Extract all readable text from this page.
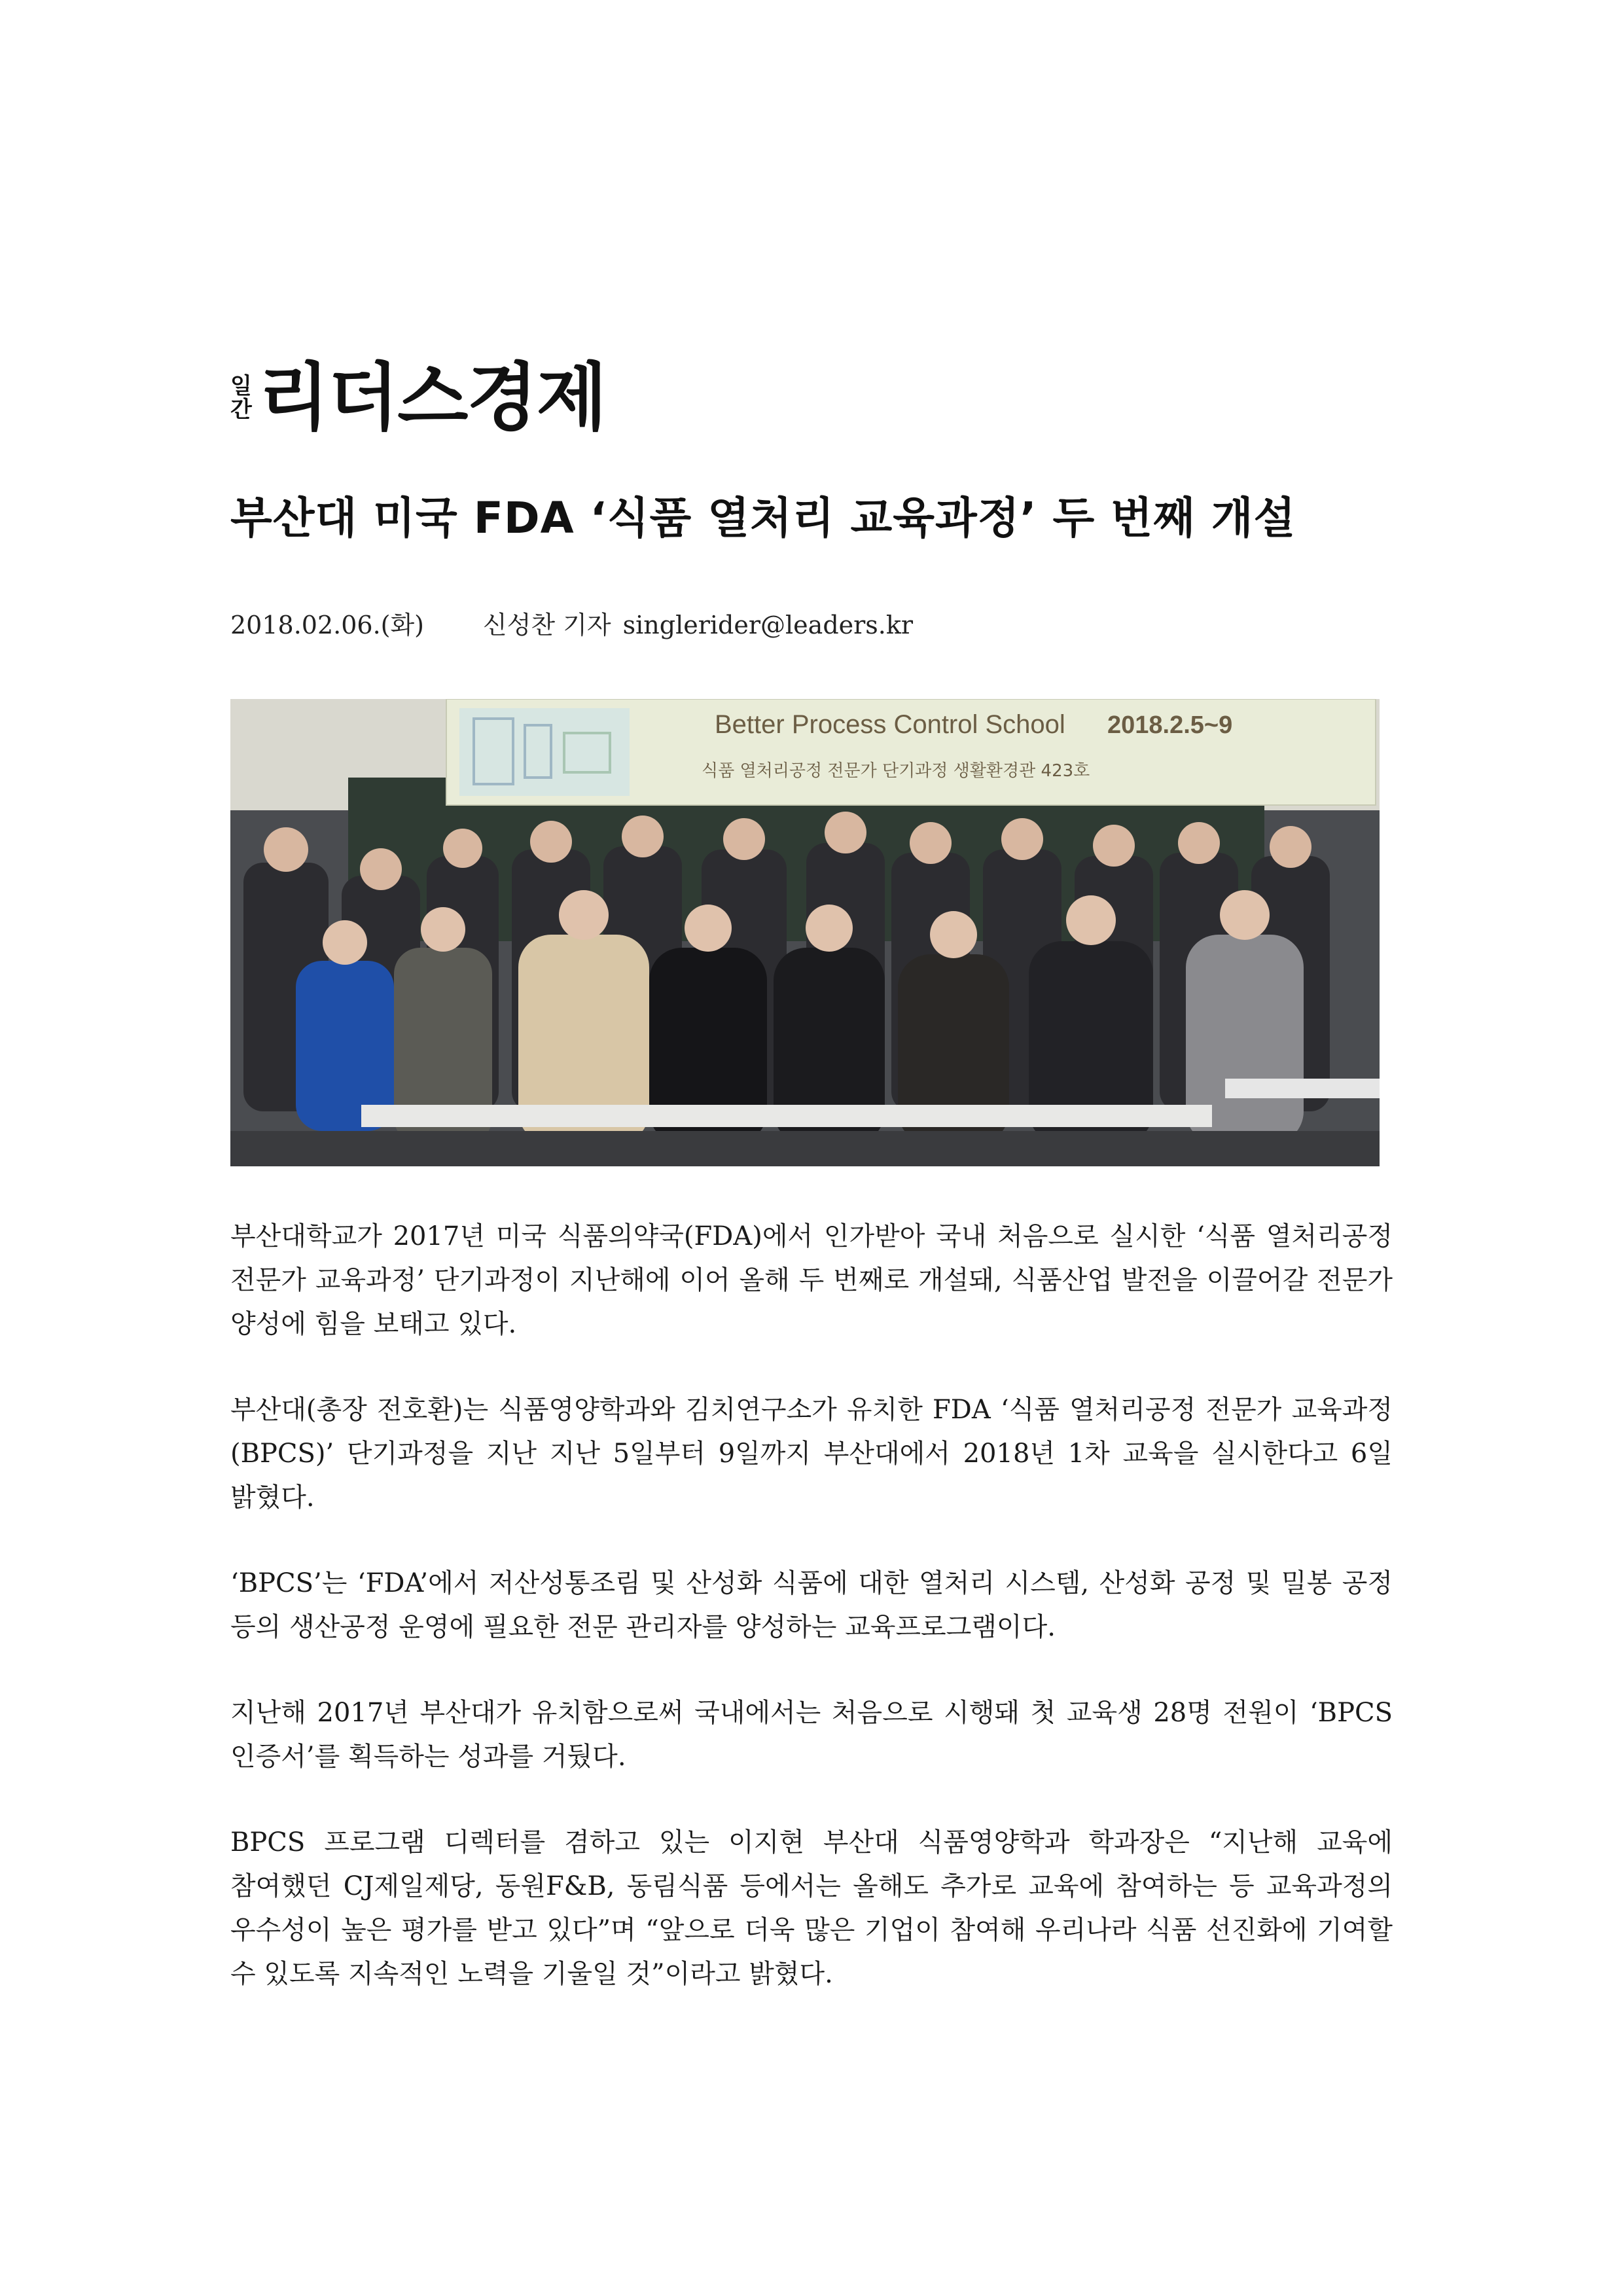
일
간 리더스경제
부산대 미국 FDA ‘식품 열처리 교육과정’ 두 번째 개설
2018.02.06.(화) 신성찬 기자 singlerider@leaders.kr
Better Process Control School 2018.2.5~9
식품 열처리공정 전문가 단기과정 생활환경관 423호

부산대학교가 2017년 미국 식품의약국(FDA)에서 인가받아 국내 처음으로 실시한 ‘식품 열처리공정 전문가 교육과정’ 단기과정이 지난해에 이어 올해 두 번째로 개설돼, 식품산업 발전을 이끌어갈 전문가 양성에 힘을 보태고 있다.

부산대(총장 전호환)는 식품영양학과와 김치연구소가 유치한 FDA ‘식품 열처리공정 전문가 교육과정(BPCS)’ 단기과정을 지난 지난 5일부터 9일까지 부산대에서 2018년 1차 교육을 실시한다고 6일 밝혔다.

‘BPCS’는 ‘FDA’에서 저산성통조림 및 산성화 식품에 대한 열처리 시스템, 산성화 공정 및 밀봉 공정 등의 생산공정 운영에 필요한 전문 관리자를 양성하는 교육프로그램이다.

지난해 2017년 부산대가 유치함으로써 국내에서는 처음으로 시행돼 첫 교육생 28명 전원이 ‘BPCS 인증서’를 획득하는 성과를 거뒀다.

BPCS 프로그램 디렉터를 겸하고 있는 이지현 부산대 식품영양학과 학과장은 “지난해 교육에 참여했던 CJ제일제당, 동원F&B, 동림식품 등에서는 올해도 추가로 교육에 참여하는 등 교육과정의 우수성이 높은 평가를 받고 있다”며 “앞으로 더욱 많은 기업이 참여해 우리나라 식품 선진화에 기여할 수 있도록 지속적인 노력을 기울일 것”이라고 밝혔다.
